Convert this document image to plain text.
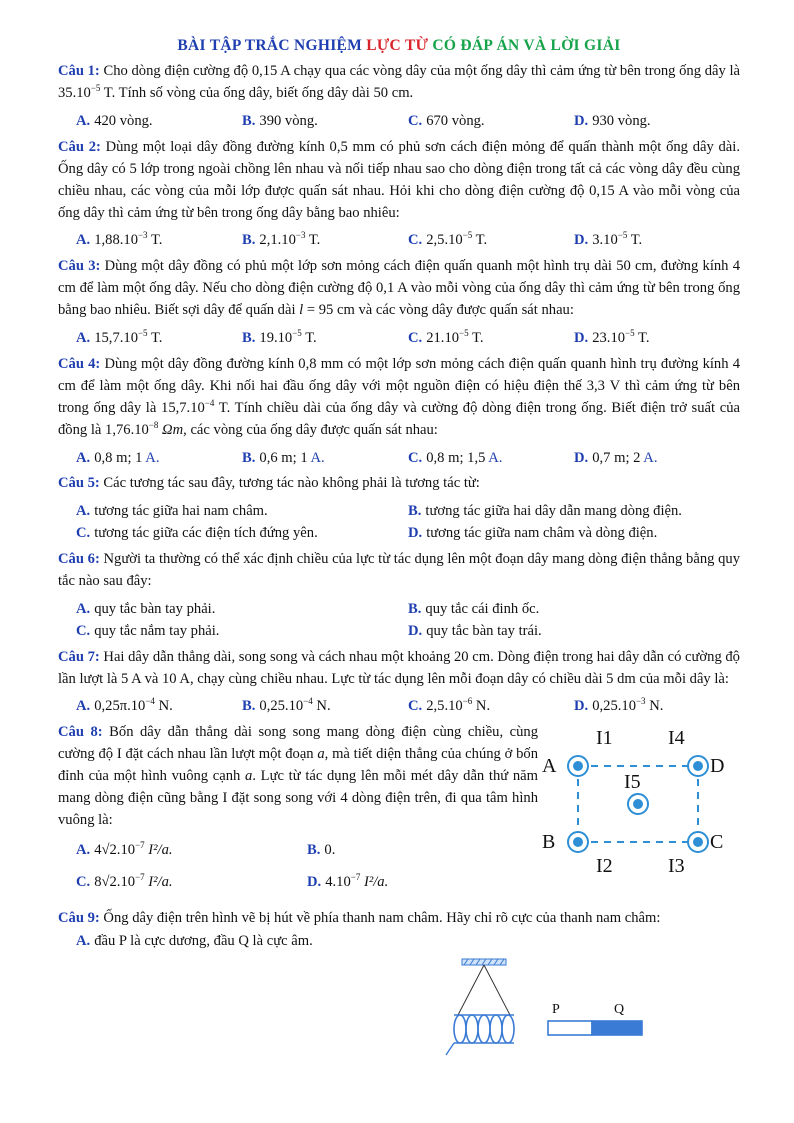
BÀI TẬP TRẮC NGHIỆM LỰC TỪ CÓ ĐÁP ÁN VÀ LỜI GIẢI

Câu 1: Cho dòng điện cường độ 0,15 A chạy qua các vòng dây của một ống dây thì cảm ứng từ bên trong ống dây là $35.10^{-5}$ T. Tính số vòng của ống dây, biết ống dây dài 50 cm.

A. 420 vòng.	B. 390 vòng.	C. 670 vòng.	D. 930 vòng.

Câu 2: Dùng một loại dây đồng đường kính 0,5 mm có phủ sơn cách điện mỏng để quấn thành một ống dây dài. Ống dây có 5 lớp trong ngoài chồng lên nhau và nối tiếp nhau sao cho dòng điện trong tất cả các vòng dây đều cùng chiều nhau, các vòng của mỗi lớp được quấn sát nhau. Hỏi khi cho dòng điện cường độ 0,15 A vào mỗi vòng của ống dây thì cảm ứng từ bên trong ống dây bằng bao nhiêu:

A. $1,88.10^{-3}$ T.	B. $2,1.10^{-3}$ T.	C. $2,5.10^{-5}$ T.	D. $3.10^{-5}$ T.

Câu 3: Dùng một dây đồng có phủ một lớp sơn mỏng cách điện quấn quanh một hình trụ dài 50 cm, đường kính 4 cm để làm một ống dây. Nếu cho dòng điện cường độ 0,1 A vào mỗi vòng của ống dây thì cảm ứng từ bên trong ống bằng bao nhiêu. Biết sợi dây để quấn dài l = 95 cm và các vòng dây được quấn sát nhau:

A. $15,7.10^{-5}$ T.	B. $19.10^{-5}$ T.	C. $21.10^{-5}$ T.	D. $23.10^{-5}$ T.

Câu 4: Dùng một dây đồng đường kính 0,8 mm có một lớp sơn mỏng cách điện quấn quanh hình trụ đường kính 4 cm để làm một ống dây. Khi nối hai đầu ống dây với một nguồn điện có hiệu điện thế 3,3 V thì cảm ứng từ bên trong ống dây là $15,7.10^{-4}$ T. Tính chiều dài của ống dây và cường độ dòng điện trong ống. Biết điện trở suất của đồng là $1,76.10^{-8}$ Ωm, các vòng của ống dây được quấn sát nhau:

A. 0,8 m; 1 A.	B. 0,6 m; 1 A.	C. 0,8 m; 1,5 A.	D. 0,7 m; 2 A.

Câu 5: Các tương tác sau đây, tương tác nào không phải là tương tác từ:

A. tương tác giữa hai nam châm.	B. tương tác giữa hai dây dẫn mang dòng điện.
C. tương tác giữa các điện tích đứng yên.	D. tương tác giữa nam châm và dòng điện.

Câu 6: Người ta thường có thể xác định chiều của lực từ tác dụng lên một đoạn dây mang dòng điện thẳng bằng quy tắc nào sau đây:

A. quy tắc bàn tay phải.	B. quy tắc cái đinh ốc.
C. quy tắc nắm tay phải.	D. quy tắc bàn tay trái.

Câu 7: Hai dây dẫn thẳng dài, song song và cách nhau một khoảng 20 cm. Dòng điện trong hai dây dẫn có cường độ lần lượt là 5 A và 10 A, chạy cùng chiều nhau. Lực từ tác dụng lên mỗi đoạn dây có chiều dài 5 dm của mỗi dây là:

A. $0,25\pi.10^{-4}$ N.	B. $0,25.10^{-4}$ N.	C. $2,5.10^{-6}$ N.	D. $0,25.10^{-3}$ N.

Câu 8: Bốn dây dẫn thẳng dài song song mang dòng điện cùng chiều, cùng cường độ I đặt cách nhau lần lượt một đoạn a, mà tiết diện thẳng của chúng ở bốn đỉnh của một hình vuông cạnh a. Lực từ tác dụng lên mỗi mét dây dẫn thứ năm mang dòng điện cũng bằng I đặt song song với 4 dòng điện trên, đi qua tâm hình vuông là:

A. $4√2.10^{-7}$ I²/a.	B. 0.
C. $8√2.10^{-7}$ I²/a.	D. $4.10^{-7}$ I²/a.
I1	I4
A	D
I5
B	C
I2	I3

Câu 9: Ống dây điện trên hình vẽ bị hút về phía thanh nam châm. Hãy chỉ rõ cực của thanh nam châm:

A. đầu P là cực dương, đầu Q là cực âm.
P	Q
